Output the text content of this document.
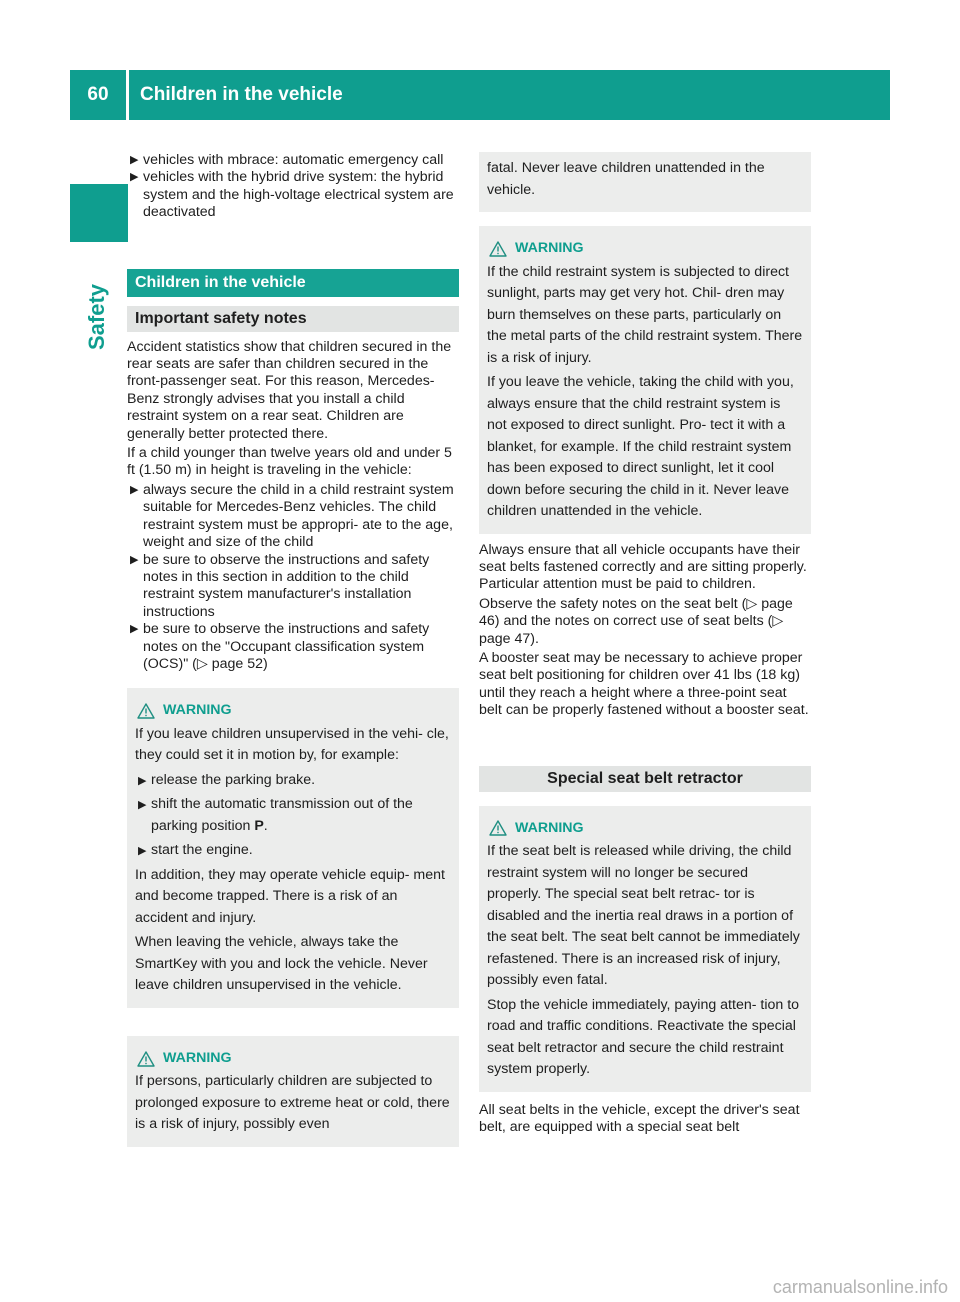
60	Children in the vehicle
Safety
▶ vehicles with mbrace: automatic emergency call
▶ vehicles with the hybrid drive system: the hybrid system and the high-voltage electrical system are deactivated
Children in the vehicle
Important safety notes

Accident statistics show that children secured in the rear seats are safer than children secured in the front-passenger seat. For this reason, Mercedes-Benz strongly advises that you install a child restraint system on a rear seat. Children are generally better protected there.

If a child younger than twelve years old and under 5 ft (1.50 m) in height is traveling in the vehicle:

▶ always secure the child in a child restraint system suitable for Mercedes-Benz vehicles. The child restraint system must be appropri- ate to the age, weight and size of the child
▶ be sure to observe the instructions and safety notes in this section in addition to the child restraint system manufacturer's installation instructions
▶ be sure to observe the instructions and safety notes on the "Occupant classification system (OCS)" (▷ page 52)
WARNING

If you leave children unsupervised in the vehi- cle, they could set it in motion by, for example:

▶ release the parking brake.
▶ shift the automatic transmission out of the parking position P.
▶ start the engine.

In addition, they may operate vehicle equip- ment and become trapped. There is a risk of an accident and injury.

When leaving the vehicle, always take the SmartKey with you and lock the vehicle. Never leave children unsupervised in the vehicle.

WARNING

If persons, particularly children are subjected to prolonged exposure to extreme heat or cold, there is a risk of injury, possibly even

fatal. Never leave children unattended in the vehicle.

WARNING

If the child restraint system is subjected to direct sunlight, parts may get very hot. Chil- dren may burn themselves on these parts, particularly on the metal parts of the child restraint system. There is a risk of injury.

If you leave the vehicle, taking the child with you, always ensure that the child restraint system is not exposed to direct sunlight. Pro- tect it with a blanket, for example. If the child restraint system has been exposed to direct sunlight, let it cool down before securing the child in it. Never leave children unattended in the vehicle.

Always ensure that all vehicle occupants have their seat belts fastened correctly and are sitting properly. Particular attention must be paid to children.

Observe the safety notes on the seat belt (▷ page 46) and the notes on correct use of seat belts (▷ page 47).

A booster seat may be necessary to achieve proper seat belt positioning for children over 41 lbs (18 kg) until they reach a height where a three-point seat belt can be properly fastened without a booster seat.

Special seat belt retractor
WARNING

If the seat belt is released while driving, the child restraint system will no longer be secured properly. The special seat belt retrac- tor is disabled and the inertia real draws in a portion of the seat belt. The seat belt cannot be immediately refastened. There is an increased risk of injury, possibly even fatal.

Stop the vehicle immediately, paying atten- tion to road and traffic conditions. Reactivate the special seat belt retractor and secure the child restraint system properly.

All seat belts in the vehicle, except the driver's seat belt, are equipped with a special seat belt

carmanualsonline.info
